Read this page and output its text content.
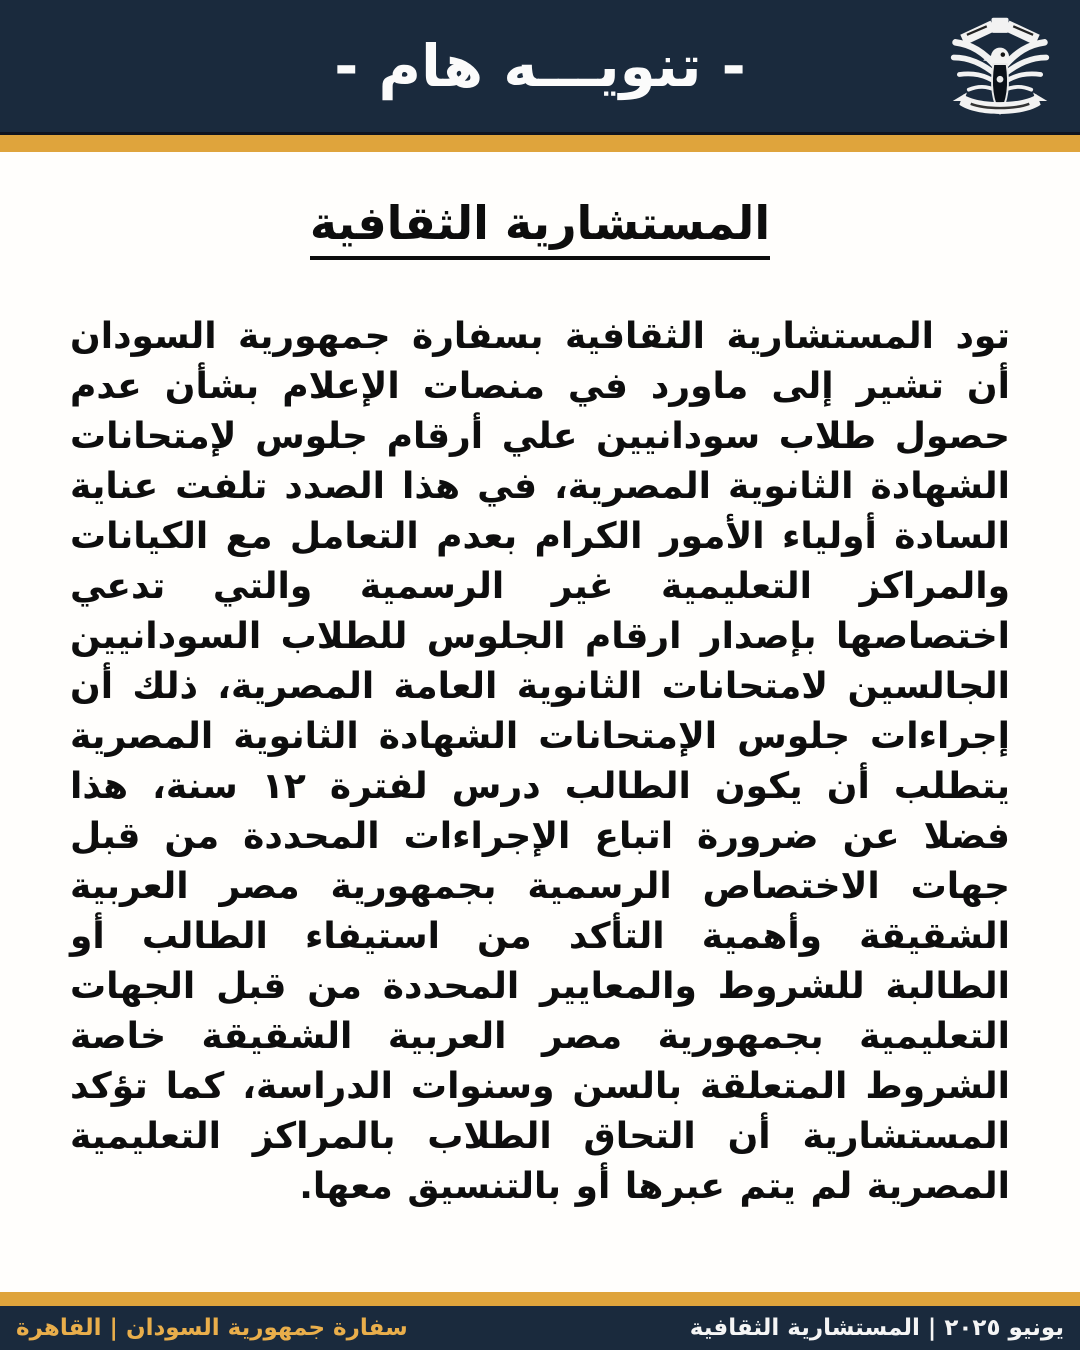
- تنويـــه هام -
المستشارية الثقافية

تود المستشارية الثقافية بسفارة جمهورية السودان أن تشير إلى ماورد في منصات الإعلام بشأن عدم حصول طلاب سودانيين علي أرقام جلوس لإمتحانات الشهادة الثانوية المصرية، في هذا الصدد تلفت عناية السادة أولياء الأمور الكرام بعدم التعامل مع الكيانات والمراكز التعليمية غير الرسمية والتي تدعي اختصاصها بإصدار ارقام الجلوس للطلاب السودانيين الجالسين لامتحانات الثانوية العامة المصرية، ذلك أن إجراءات جلوس الإمتحانات الشهادة الثانوية المصرية يتطلب أن يكون الطالب درس لفترة ١٢ سنة، هذا فضلا عن ضرورة اتباع الإجراءات المحددة من قبل جهات الاختصاص الرسمية بجمهورية مصر العربية الشقيقة وأهمية التأكد من استيفاء الطالب أو الطالبة للشروط والمعايير المحددة من قبل الجهات التعليمية بجمهورية مصر العربية الشقيقة خاصة الشروط المتعلقة بالسن وسنوات الدراسة، كما تؤكد المستشارية أن التحاق الطلاب بالمراكز التعليمية المصرية لم يتم عبرها أو بالتنسيق معها.

سفارة جمهورية السودان | القاهرة	يونيو ٢٠٢٥ | المستشارية الثقافية
